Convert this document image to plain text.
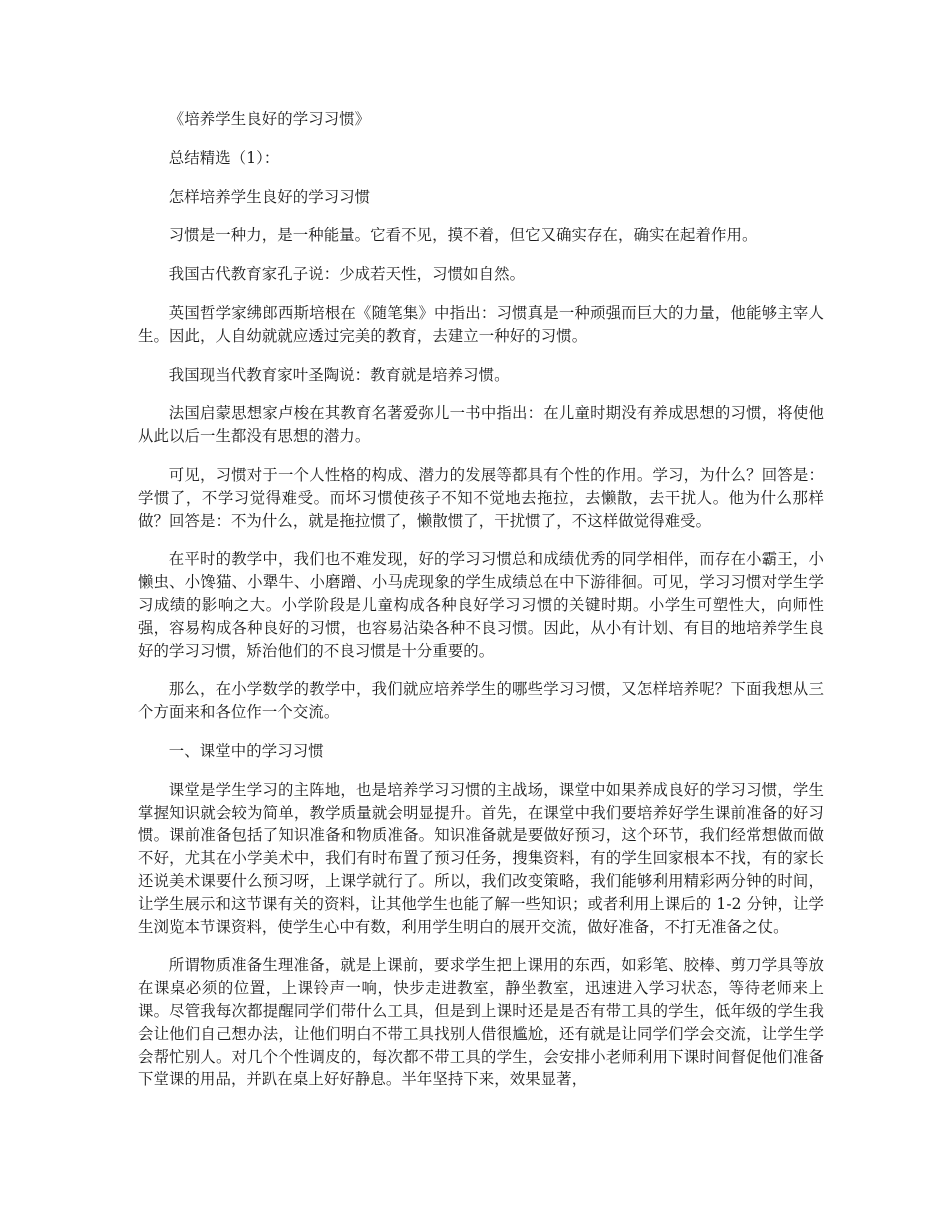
《培养学生良好的学习习惯》

总结精选（1）：

怎样培养学生良好的学习习惯

习惯是一种力，是一种能量。它看不见，摸不着，但它又确实存在，确实在起着作用。

我国古代教育家孔子说：少成若天性，习惯如自然。

英国哲学家绋郎西斯培根在《随笔集》中指出：习惯真是一种顽强而巨大的力量，他能够主宰人生。因此，人自幼就就应透过完美的教育，去建立一种好的习惯。

我国现当代教育家叶圣陶说：教育就是培养习惯。

法国启蒙思想家卢梭在其教育名著爱弥儿一书中指出：在儿童时期没有养成思想的习惯，将使他从此以后一生都没有思想的潜力。

可见，习惯对于一个人性格的构成、潜力的发展等都具有个性的作用。学习，为什么？回答是：学惯了，不学习觉得难受。而坏习惯使孩子不知不觉地去拖拉，去懒散，去干扰人。他为什么那样做？回答是：不为什么，就是拖拉惯了，懒散惯了，干扰惯了，不这样做觉得难受。

在平时的教学中，我们也不难发现，好的学习习惯总和成绩优秀的同学相伴，而存在小霸王，小懒虫、小馋猫、小犟牛、小磨蹭、小马虎现象的学生成绩总在中下游徘徊。可见，学习习惯对学生学习成绩的影响之大。小学阶段是儿童构成各种良好学习习惯的关键时期。小学生可塑性大，向师性强，容易构成各种良好的习惯，也容易沾染各种不良习惯。因此，从小有计划、有目的地培养学生良好的学习习惯，矫治他们的不良习惯是十分重要的。

那么，在小学数学的教学中，我们就应培养学生的哪些学习习惯，又怎样培养呢？下面我想从三个方面来和各位作一个交流。

一、课堂中的学习习惯

课堂是学生学习的主阵地，也是培养学习习惯的主战场，课堂中如果养成良好的学习习惯，学生掌握知识就会较为简单，教学质量就会明显提升。首先，在课堂中我们要培养好学生课前准备的好习惯。课前准备包括了知识准备和物质准备。知识准备就是要做好预习，这个环节，我们经常想做而做不好，尤其在小学美术中，我们有时布置了预习任务，搜集资料，有的学生回家根本不找，有的家长还说美术课要什么预习呀，上课学就行了。所以，我们改变策略，我们能够利用精彩两分钟的时间，让学生展示和这节课有关的资料，让其他学生也能了解一些知识；或者利用上课后的 1-2 分钟，让学生浏览本节课资料，使学生心中有数，利用学生明白的展开交流，做好准备，不打无准备之仗。

所谓物质准备生理准备，就是上课前，要求学生把上课用的东西，如彩笔、胶棒、剪刀学具等放在课桌必须的位置，上课铃声一响，快步走进教室，静坐教室，迅速进入学习状态，等待老师来上课。尽管我每次都提醒同学们带什么工具，但是到上课时还是是否有带工具的学生，低年级的学生我会让他们自己想办法，让他们明白不带工具找别人借很尴尬，还有就是让同学们学会交流，让学生学会帮忙别人。对几个个性调皮的，每次都不带工具的学生，会安排小老师利用下课时间督促他们准备下堂课的用品，并趴在桌上好好静息。半年坚持下来，效果显著，
